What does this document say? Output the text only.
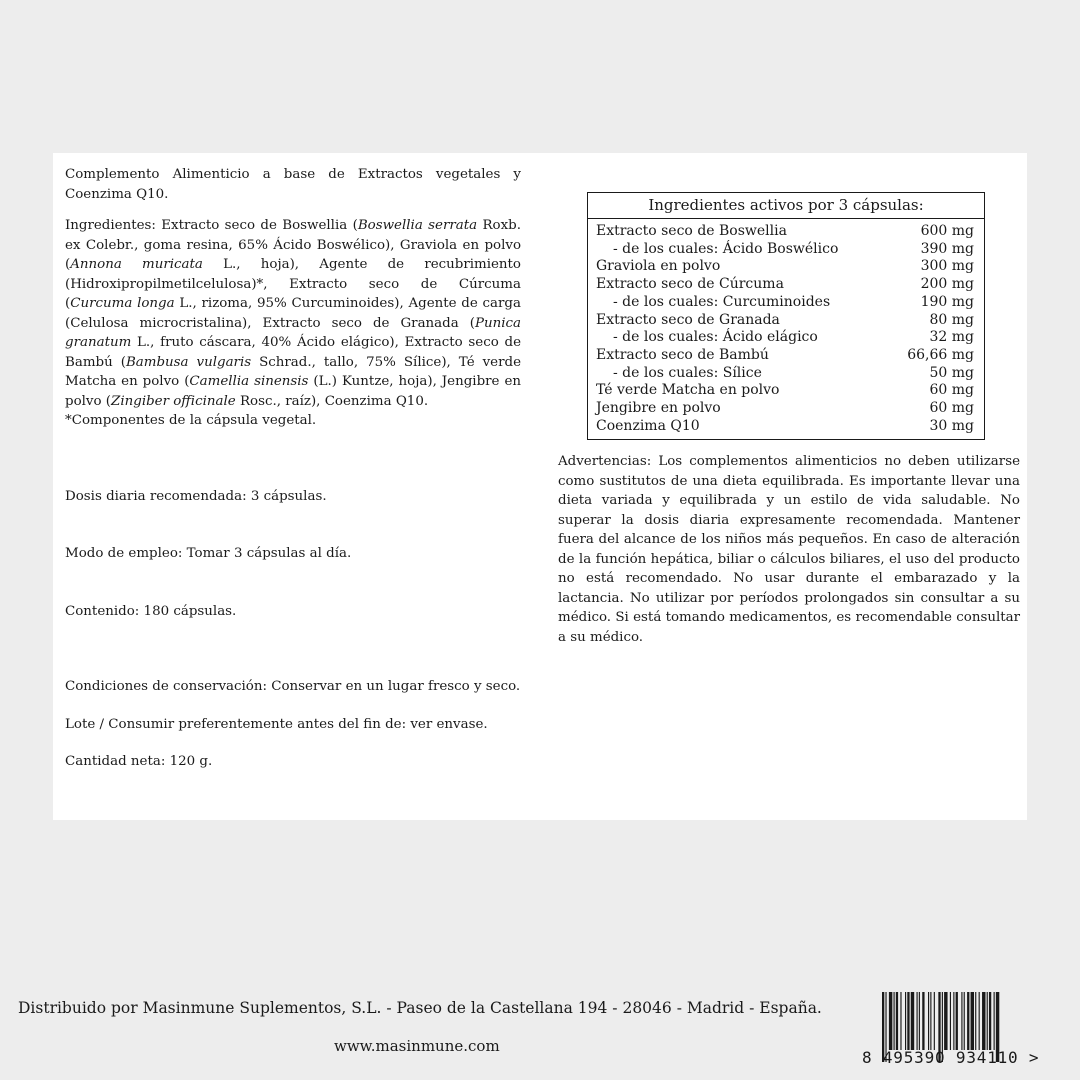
Complemento Alimenticio a base de Extractos vegetales y Coenzima Q10.

Ingredientes: Extracto seco de Boswellia (Boswellia serrata Roxb. ex Colebr., goma resina, 65% Ácido Boswélico), Graviola en polvo (Annona muricata L., hoja), Agente de recubrimiento (Hidroxipropilmetilcelulosa)*, Extracto seco de Cúrcuma (Curcuma longa L., rizoma, 95% Curcuminoides), Agente de carga (Celulosa microcristalina), Extracto seco de Granada (Punica granatum L., fruto cáscara, 40% Ácido elágico), Extracto seco de Bambú (Bambusa vulgaris Schrad., tallo, 75% Sílice), Té verde Matcha en polvo (Camellia sinensis (L.) Kuntze, hoja), Jengibre en polvo (Zingiber officinale Rosc., raíz), Coenzima Q10.

*Componentes de la cápsula vegetal.

Dosis diaria recomendada: 3 cápsulas.

Modo de empleo: Tomar 3 cápsulas al día.

Contenido: 180 cápsulas.

Condiciones de conservación: Conservar en un lugar fresco y seco.

Lote / Consumir preferentemente antes del fin de: ver envase.

Cantidad neta: 120 g.

Ingredientes activos por 3 cápsulas:
Extracto seco de Boswellia	600 mg
- de los cuales: Ácido Boswélico	390 mg
Graviola en polvo	300 mg
Extracto seco de Cúrcuma	200 mg
- de los cuales: Curcuminoides	190 mg
Extracto seco de Granada	80 mg
- de los cuales: Ácido elágico	32 mg
Extracto seco de Bambú	66,66 mg
- de los cuales: Sílice	50 mg
Té verde Matcha en polvo	60 mg
Jengibre en polvo	60 mg
Coenzima Q10	30 mg

Advertencias: Los complementos alimenticios no deben utilizarse como sustitutos de una dieta equilibrada. Es importante llevar una dieta variada y equilibrada y un estilo de vida saludable. No superar la dosis diaria expresamente recomendada. Mantener fuera del alcance de los niños más pequeños. En caso de alteración de la función hepática, biliar o cálculos biliares, el uso del producto no está recomendado. No usar durante el embarazado y la lactancia. No utilizar por períodos prolongados sin consultar a su médico. Si está tomando medicamentos, es recomendable consultar a su médico.

Distribuido por Masinmune Suplementos, S.L. - Paseo de la Castellana 194 - 28046 - Madrid - España.
www.masinmune.com
8 495390 934110 >
